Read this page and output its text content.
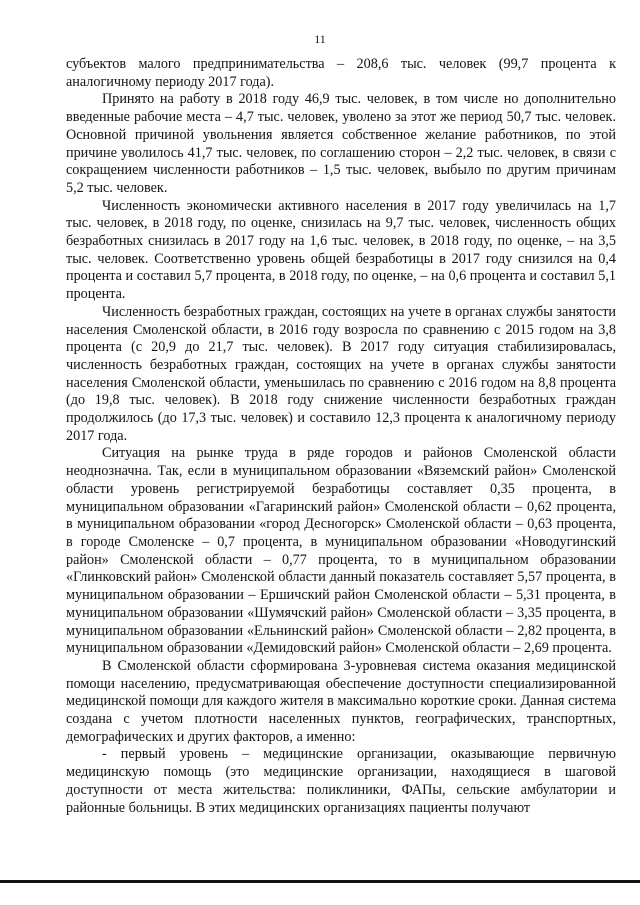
11

субъектов малого предпринимательства – 208,6 тыс. человек (99,7 процента к аналогичному периоду 2017 года).

Принято на работу в 2018 году 46,9 тыс. человек, в том числе но дополнительно введенные рабочие места – 4,7 тыс. человек, уволено за этот же период 50,7 тыс. человек. Основной причиной увольнения является собственное желание работников, по этой причине уволилось 41,7 тыс. человек, по соглашению сторон – 2,2 тыс. человек, в связи с сокращением численности работников – 1,5 тыс. человек, выбыло по другим причинам 5,2 тыс. человек.

Численность экономически активного населения в 2017 году увеличилась на 1,7 тыс. человек, в 2018 году, по оценке, снизилась на 9,7 тыс. человек, численность общих безработных снизилась в 2017 году на 1,6 тыс. человек, в 2018 году, по оценке, – на 3,5 тыс. человек. Соответственно уровень общей безработицы в 2017 году снизился на 0,4 процента и составил 5,7 процента, в 2018 году, по оценке, – на 0,6 процента и составил 5,1 процента.

Численность безработных граждан, состоящих на учете в органах службы занятости населения Смоленской области, в 2016 году возросла по сравнению с 2015 годом на 3,8 процента (с 20,9 до 21,7 тыс. человек). В 2017 году ситуация стабилизировалась, численность безработных граждан, состоящих на учете в органах службы занятости населения Смоленской области, уменьшилась по сравнению с 2016 годом на 8,8 процента (до 19,8 тыс. человек). В 2018 году снижение численности безработных граждан продолжилось (до 17,3 тыс. человек) и составило 12,3 процента к аналогичному периоду 2017 года.

Ситуация на рынке труда в ряде городов и районов Смоленской области неоднозначна. Так, если в муниципальном образовании «Вяземский район» Смоленской области уровень регистрируемой безработицы составляет 0,35 процента, в муниципальном образовании «Гагаринский район» Смоленской области – 0,62 процента, в муниципальном образовании «город Десногорск» Смоленской области – 0,63 процента, в городе Смоленске – 0,7 процента, в муниципальном образовании «Новодугинский район» Смоленской области – 0,77 процента, то в муниципальном образовании «Глинковский район» Смоленской области данный показатель составляет 5,57 процента, в муниципальном образовании – Ершичский район Смоленской области – 5,31 процента, в муниципальном образовании «Шумячский район» Смоленской области – 3,35 процента, в муниципальном образовании «Ельнинский район» Смоленской области – 2,82 процента, в муниципальном образовании «Демидовский район» Смоленской области – 2,69 процента.

В Смоленской области сформирована 3-уровневая система оказания медицинской помощи населению, предусматривающая обеспечение доступности специализированной медицинской помощи для каждого жителя в максимально короткие сроки. Данная система создана с учетом плотности населенных пунктов, географических, транспортных, демографических и других факторов, а именно:

- первый уровень – медицинские организации, оказывающие первичную медицинскую помощь (это медицинские организации, находящиеся в шаговой доступности от места жительства: поликлиники, ФАПы, сельские амбулатории и районные больницы. В этих медицинских организациях пациенты получают
